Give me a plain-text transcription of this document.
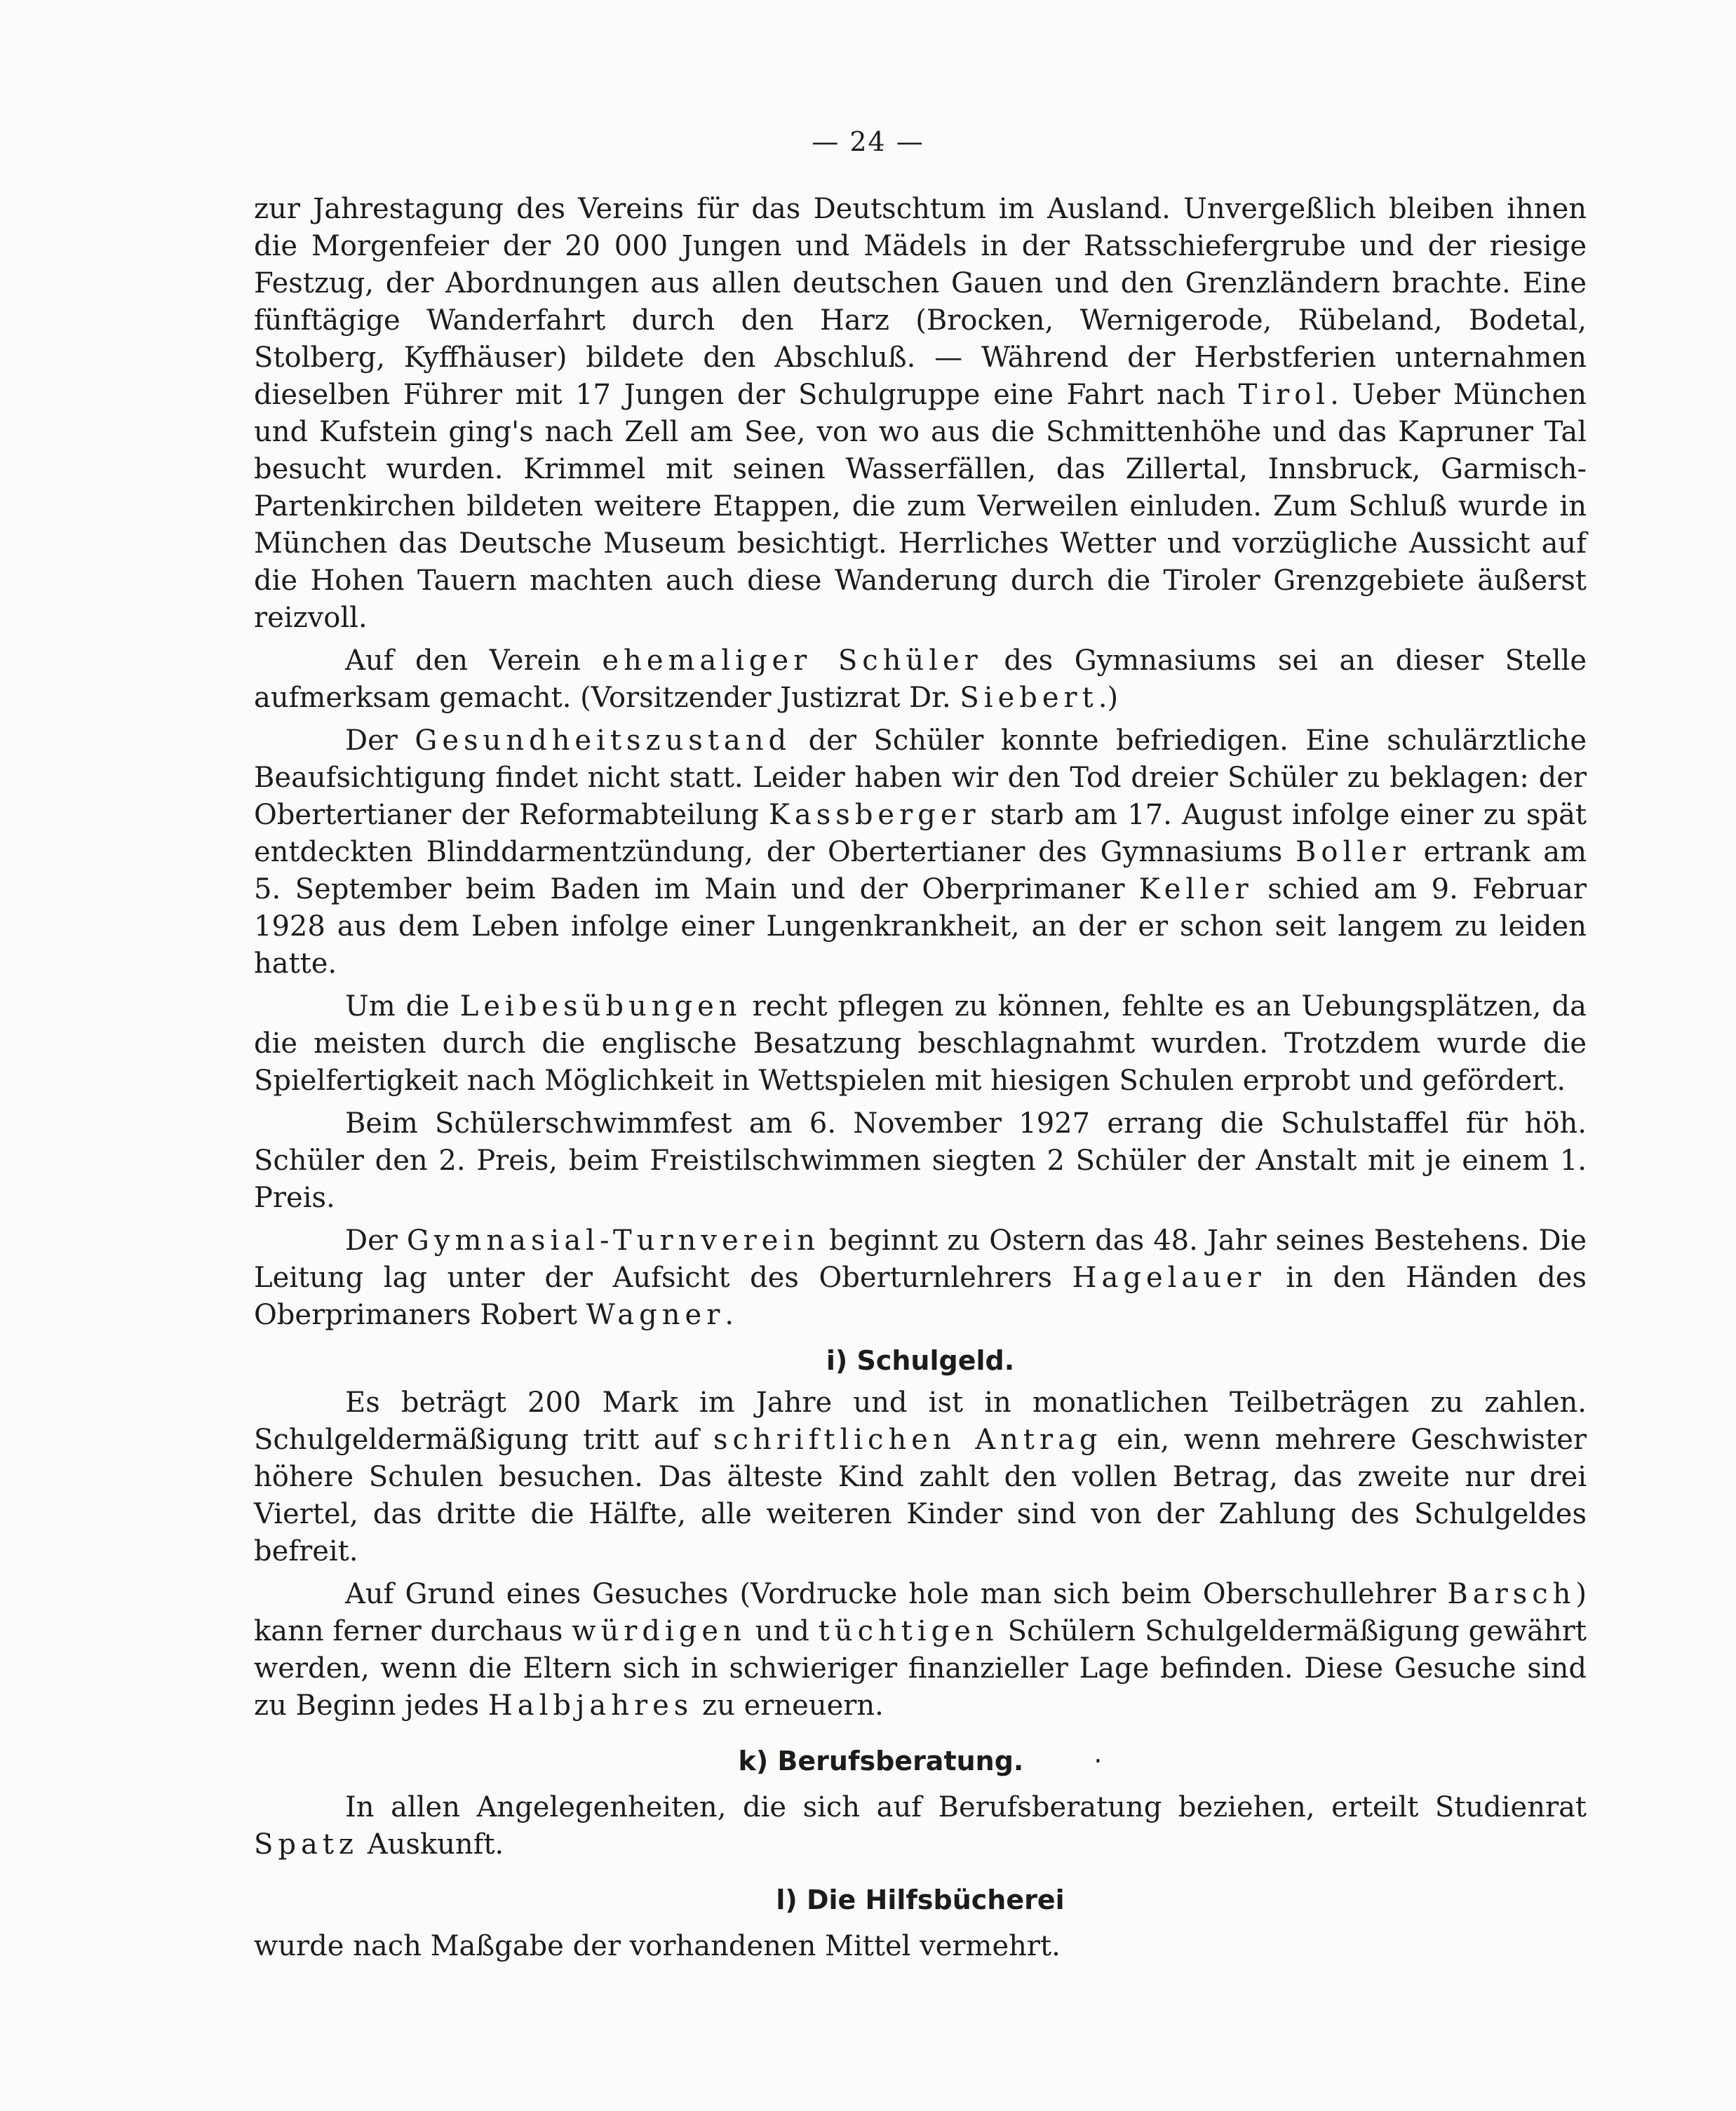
— 24 —

zur Jahrestagung des Vereins für das Deutschtum im Ausland. Unvergeßlich bleiben ihnen die Morgenfeier der 20 000 Jungen und Mädels in der Ratsschiefergrube und der riesige Festzug, der Abordnungen aus allen deutschen Gauen und den Grenzländern brachte. Eine fünftägige Wanderfahrt durch den Harz (Brocken, Wernigerode, Rübeland, Bodetal, Stolberg, Kyffhäuser) bildete den Abschluß. — Während der Herbstferien unternahmen dieselben Führer mit 17 Jungen der Schulgruppe eine Fahrt nach Tirol. Ueber München und Kufstein ging's nach Zell am See, von wo aus die Schmittenhöhe und das Kapruner Tal besucht wurden. Krimmel mit seinen Wasserfällen, das Zillertal, Innsbruck, Garmisch-Partenkirchen bildeten weitere Etappen, die zum Verweilen einluden. Zum Schluß wurde in München das Deutsche Museum besichtigt. Herrliches Wetter und vorzügliche Aussicht auf die Hohen Tauern machten auch diese Wanderung durch die Tiroler Grenzgebiete äußerst reizvoll.

Auf den Verein ehemaliger Schüler des Gymnasiums sei an dieser Stelle aufmerksam gemacht. (Vorsitzender Justizrat Dr. Siebert.)

Der Gesundheitszustand der Schüler konnte befriedigen. Eine schulärztliche Beaufsichtigung findet nicht statt. Leider haben wir den Tod dreier Schüler zu beklagen: der Obertertianer der Reformabteilung Kassberger starb am 17. August infolge einer zu spät entdeckten Blinddarmentzündung, der Obertertianer des Gymnasiums Boller ertrank am 5. September beim Baden im Main und der Oberprimaner Keller schied am 9. Februar 1928 aus dem Leben infolge einer Lungenkrankheit, an der er schon seit langem zu leiden hatte.

Um die Leibesübungen recht pflegen zu können, fehlte es an Uebungsplätzen, da die meisten durch die englische Besatzung beschlagnahmt wurden. Trotzdem wurde die Spielfertigkeit nach Möglichkeit in Wettspielen mit hiesigen Schulen erprobt und gefördert.

Beim Schülerschwimmfest am 6. November 1927 errang die Schulstaffel für höh. Schüler den 2. Preis, beim Freistilschwimmen siegten 2 Schüler der Anstalt mit je einem 1. Preis.

Der Gymnasial-Turnverein beginnt zu Ostern das 48. Jahr seines Bestehens. Die Leitung lag unter der Aufsicht des Oberturnlehrers Hagelauer in den Händen des Oberprimaners Robert Wagner.

i) Schulgeld.

Es beträgt 200 Mark im Jahre und ist in monatlichen Teilbeträgen zu zahlen. Schulgeldermäßigung tritt auf schriftlichen Antrag ein, wenn mehrere Geschwister höhere Schulen besuchen. Das älteste Kind zahlt den vollen Betrag, das zweite nur drei Viertel, das dritte die Hälfte, alle weiteren Kinder sind von der Zahlung des Schulgeldes befreit.

Auf Grund eines Gesuches (Vordrucke hole man sich beim Oberschullehrer Barsch) kann ferner durchaus würdigen und tüchtigen Schülern Schulgeldermäßigung gewährt werden, wenn die Eltern sich in schwieriger finanzieller Lage befinden. Diese Gesuche sind zu Beginn jedes Halbjahres zu erneuern.

k) Berufsberatung.	·

In allen Angelegenheiten, die sich auf Berufsberatung beziehen, erteilt Studienrat Spatz Auskunft.

l) Die Hilfsbücherei

wurde nach Maßgabe der vorhandenen Mittel vermehrt.
